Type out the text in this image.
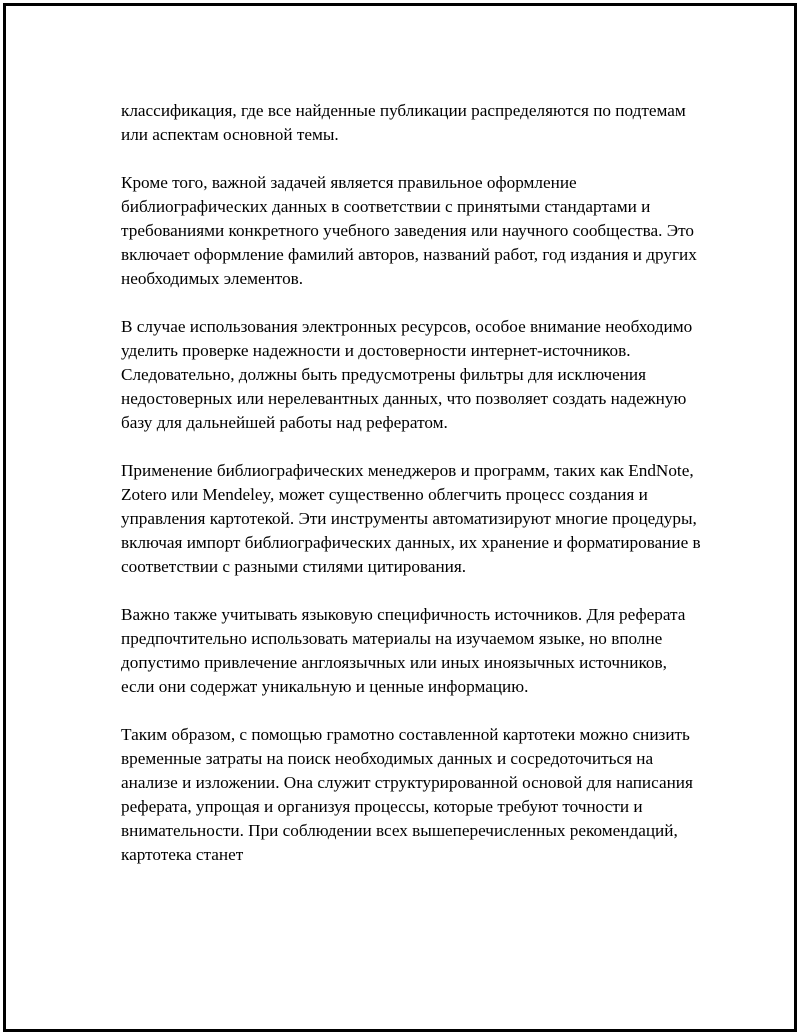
классификация, где все найденные публикации распределяются по подтемам или аспектам основной темы.

Кроме того, важной задачей является правильное оформление библиографических данных в соответствии с принятыми стандартами и требованиями конкретного учебного заведения или научного сообщества. Это включает оформление фамилий авторов, названий работ, год издания и других необходимых элементов.

В случае использования электронных ресурсов, особое внимание необходимо уделить проверке надежности и достоверности интернет-источников. Следовательно, должны быть предусмотрены фильтры для исключения недостоверных или нерелевантных данных, что позволяет создать надежную базу для дальнейшей работы над рефератом.

Применение библиографических менеджеров и программ, таких как EndNote, Zotero или Mendeley, может существенно облегчить процесс создания и управления картотекой. Эти инструменты автоматизируют многие процедуры, включая импорт библиографических данных, их хранение и форматирование в соответствии с разными стилями цитирования.

Важно также учитывать языковую специфичность источников. Для реферата предпочтительно использовать материалы на изучаемом языке, но вполне допустимо привлечение англоязычных или иных иноязычных источников, если они содержат уникальную и ценные информацию.

Таким образом, с помощью грамотно составленной картотеки можно снизить временные затраты на поиск необходимых данных и сосредоточиться на анализе и изложении. Она служит структурированной основой для написания реферата, упрощая и организуя процессы, которые требуют точности и внимательности. При соблюдении всех вышеперечисленных рекомендаций, картотека станет
